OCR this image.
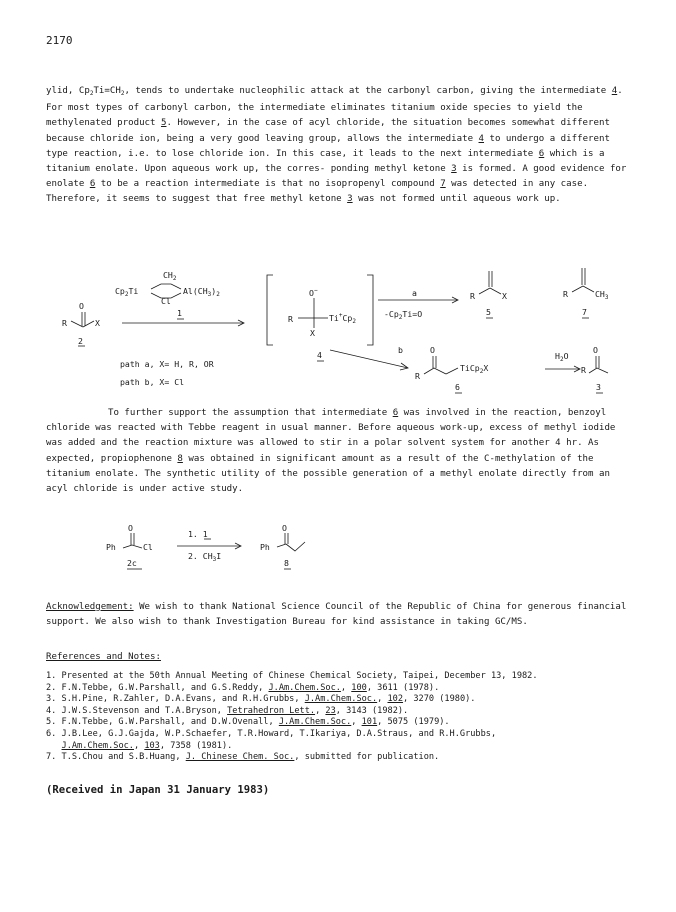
2170

ylid, $Cp_2Ti=CH_2$, tends to undertake nucleophilic attack at the carbonyl carbon, giving the intermediate 4. For most types of carbonyl carbon, the intermediate eliminates titanium oxide species to yield the methylenated product 5. However, in the case of acyl chloride, the situation becomes somewhat different because chloride ion, being a very good leaving group, allows the intermediate 4 to undergo a different type reaction, i.e. to lose chloride ion. In this case, it leads to the next intermediate 6 which is a titanium enolate. Upon aqueous work up, the corres- ponding methyl ketone 3 is formed. A good evidence for enolate 6 to be a reaction intermediate is that no isopropenyl compound 7 was detected in any case. Therefore, it seems to suggest that free methyl ketone 3 was not formed until aqueous work up.

$Cp_2Ti$
$CH_2$
Cl
$Al(CH_3)_2$
1
O
R	X
2
path a, X= H, R, OR
path b, X= Cl
O−
R	$Ti^+Cp_2$
X
4
a
$-Cp_2Ti=O$
R	X
5
R	$CH_3$
7
b	O
R
TiCp$_2$X
6
$H_2O$
O
R
3

To further support the assumption that intermediate 6 was involved in the reaction, benzoyl chloride was reacted with Tebbe reagent in usual manner. Before aqueous work-up, excess of methyl iodide was added and the reaction mixture was allowed to stir in a polar solvent system for another 4 hr. As expected, propiophenone 8 was obtained in significant amount as a result of the C-methylation of the titanium enolate. The synthetic utility of the possible generation of a methyl enolate directly from an acyl chloride is under active study.

O
Ph	Cl
2c
1. 1
2. $CH_3I$
O
Ph
8

Acknowledgement: We wish to thank National Science Council of the Republic of China for generous financial support. We also wish to thank Investigation Bureau for kind assistance in taking GC/MS.

References and Notes:
1. Presented at the 50th Annual Meeting of Chinese Chemical Society, Taipei, December 13, 1982.
2. F.N.Tebbe, G.W.Parshall, and G.S.Reddy, J.Am.Chem.Soc., 100, 3611 (1978).
3. S.H.Pine, R.Zahler, D.A.Evans, and R.H.Grubbs, J.Am.Chem.Soc., 102, 3270 (1980).
4. J.W.S.Stevenson and T.A.Bryson, Tetrahedron Lett., 23, 3143 (1982).
5. F.N.Tebbe, G.W.Parshall, and D.W.Ovenall, J.Am.Chem.Soc., 101, 5075 (1979).
6. J.B.Lee, G.J.Gajda, W.P.Schaefer, T.R.Howard, T.Ikariya, D.A.Straus, and R.H.Grubbs,
J.Am.Chem.Soc., 103, 7358 (1981).
7. T.S.Chou and S.B.Huang, J. Chinese Chem. Soc., submitted for publication.
(Received in Japan 31 January 1983)
